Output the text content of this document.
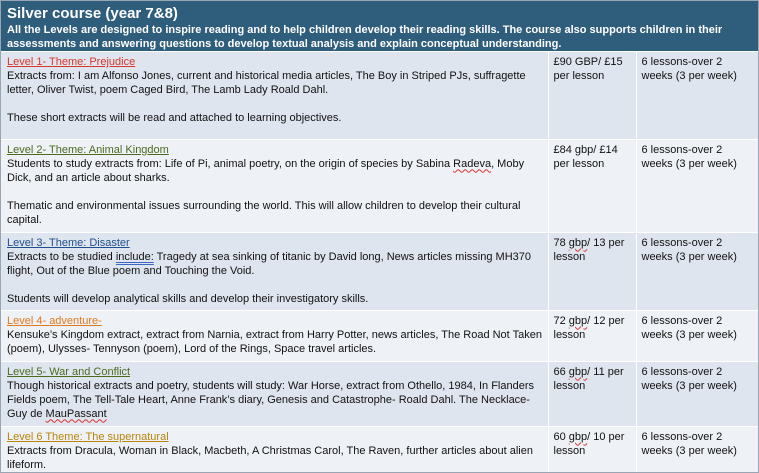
Silver course (year 7&8)
All the Levels are designed to inspire reading and to help children develop their reading skills. The course also supports children in their assessments and answering questions to develop textual analysis and explain conceptual understanding.
Level 1- Theme: Prejudice
Extracts from: I am Alfonso Jones, current and historical media articles, The Boy in Striped PJs, suffragette letter, Oliver Twist, poem Caged Bird, The Lamb Lady Roald Dahl.
These short extracts will be read and attached to learning objectives.	£90 GBP/ £15 per lesson	6 lessons-over 2 weeks (3 per week)
Level 2- Theme: Animal Kingdom
Students to study extracts from: Life of Pi, animal poetry, on the origin of species by Sabina Radeva, Moby Dick, and an article about sharks.
Thematic and environmental issues surrounding the world. This will allow children to develop their cultural capital.	£84 gbp/ £14 per lesson	6 lessons-over 2 weeks (3 per week)
Level 3- Theme: Disaster
Extracts to be studied include: Tragedy at sea sinking of titanic by David long, News articles missing MH370 flight, Out of the Blue poem and Touching the Void.
Students will develop analytical skills and develop their investigatory skills.	78 gbp/ 13 per lesson	6 lessons-over 2 weeks (3 per week)
Level 4- adventure-
Kensuke’s Kingdom extract, extract from Narnia, extract from Harry Potter, news articles, The Road Not Taken (poem), Ulysses- Tennyson (poem), Lord of the Rings, Space travel articles.	72 gbp/ 12 per lesson	6 lessons-over 2 weeks (3 per week)
Level 5- War and Conflict
Though historical extracts and poetry, students will study: War Horse, extract from Othello, 1984, In Flanders Fields poem, The Tell-Tale Heart, Anne Frank’s diary, Genesis and Catastrophe- Roald Dahl. The Necklace- Guy de MauPassant	66 gbp/ 11 per lesson	6 lessons-over 2 weeks (3 per week)
Level 6 Theme: The supernatural
Extracts from Dracula, Woman in Black, Macbeth, A Christmas Carol, The Raven, further articles about alien lifeform.	60 gbp/ 10 per lesson	6 lessons-over 2 weeks (3 per week)
